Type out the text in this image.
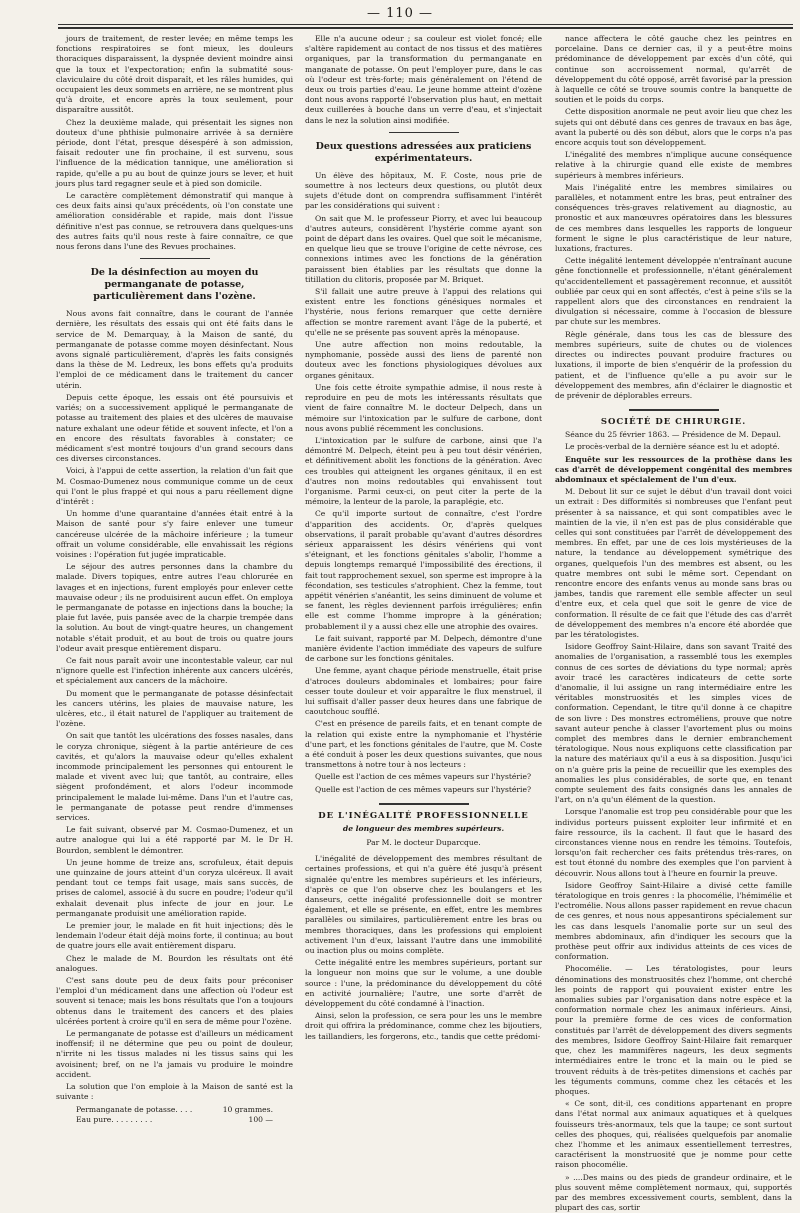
— 110 —

jours de traitement, de rester levée; en même temps les fonctions respiratoires se font mieux, les douleurs thoraciques disparaissent, la dyspnée devient moindre ainsi que la toux et l'expectoration; enfin la submatité sous-claviculaire du côté droit disparaît, et les râles humides, qui occupaient les deux sommets en arrière, ne se montrent plus qu'à droite, et encore après la toux seulement, pour disparaître aussitôt.

Chez la deuxième malade, qui présentait les signes non douteux d'une phthisie pulmonaire arrivée à sa dernière période, dont l'état, presque désespéré à son admission, faisait redouter une fin prochaine, il est survenu, sous l'influence de la médication tannique, une amélioration si rapide, qu'elle a pu au bout de quinze jours se lever, et huit jours plus tard regagner seule et à pied son domicile.

Le caractère complètement démonstratif qui manque à ces deux faits ainsi qu'aux précédents, où l'on constate une amélioration considérable et rapide, mais dont l'issue définitive n'est pas connue, se retrouvera dans quelques-uns des autres faits qu'il nous reste à faire connaître, ce que nous ferons dans l'une des Revues prochaines.

De la désinfection au moyen du permanganate de potasse, particulièrement dans l'ozène.

Nous avons fait connaître, dans le courant de l'année dernière, les résultats des essais qui ont été faits dans le service de M. Demarquay, à la Maison de santé, du permanganate de potasse comme moyen désinfectant. Nous avons signalé particulièrement, d'après les faits consignés dans la thèse de M. Ledreux, les bons effets qu'a produits l'emploi de ce médicament dans le traitement du cancer utérin.

Depuis cette époque, les essais ont été poursuivis et variés; on a successivement appliqué le permanganate de potasse au traitement des plaies et des ulcères de mauvaise nature exhalant une odeur fétide et souvent infecte, et l'on a en encore des résultats favorables à constater; ce médicament s'est montré toujours d'un grand secours dans ces diverses circonstances.

Voici, à l'appui de cette assertion, la relation d'un fait que M. Cosmao-Dumenez nous communique comme un de ceux qui l'ont le plus frappé et qui nous a paru réellement digne d'intérêt :

Un homme d'une quarantaine d'années était entré à la Maison de santé pour s'y faire enlever une tumeur cancéreuse ulcérée de la mâchoire inférieure ; la tumeur offrait un volume considérable, elle envahissait les régions voisines : l'opération fut jugée impraticable.

Le séjour des autres personnes dans la chambre du malade. Divers topiques, entre autres l'eau chlorurée en lavages et en injections, furent employés pour enlever cette mauvaise odeur ; ils ne produisirent aucun effet. On employa le permanganate de potasse en injections dans la bouche; la plaie fut lavée, puis pansée avec de la charpie trempée dans la solution. Au bout de vingt-quatre heures, un changement notable s'était produit, et au bout de trois ou quatre jours l'odeur avait presque entièrement disparu.

Ce fait nous paraît avoir une incontestable valeur, car nul n'ignore quelle est l'infection inhérente aux cancers ulcérés, et spécialement aux cancers de la mâchoire.

Du moment que le permanganate de potasse désinfectait les cancers utérins, les plaies de mauvaise nature, les ulcères, etc., il était naturel de l'appliquer au traitement de l'ozène.

On sait que tantôt les ulcérations des fosses nasales, dans le coryza chronique, siègent à la partie antérieure de ces cavités, et qu'alors la mauvaise odeur qu'elles exhalent incommode principalement les personnes qui entourent le malade et vivent avec lui; que tantôt, au contraire, elles siègent profondément, et alors l'odeur incommode principalement le malade lui-même. Dans l'un et l'autre cas, le permanganate de potasse peut rendre d'immenses services.

Le fait suivant, observé par M. Cosmao-Dumenez, et un autre analogue qui lui a été rapporté par M. le Dr H. Bourdon, semblent le démontrer.

Un jeune homme de treize ans, scrofuleux, était depuis une quinzaine de jours atteint d'un coryza ulcéreux. Il avait pendant tout ce temps fait usage, mais sans succès, de prises de calomel, associé à du sucre en poudre; l'odeur qu'il exhalait devenait plus infecte de jour en jour. Le permanganate produisit une amélioration rapide.

Le premier jour, le malade en fit huit injections; dès le lendemain l'odeur était déjà moins forte, il continua; au bout de quatre jours elle avait entièrement disparu.

Chez le malade de M. Bourdon les résultats ont été analogues.

C'est sans doute peu de deux faits pour préconiser l'emploi d'un médicament dans une affection où l'odeur est souvent si tenace; mais les bons résultats que l'on a toujours obtenus dans le traitement des cancers et des plaies ulcérées portent à croire qu'il en sera de même pour l'ozène.

Le permanganate de potasse est d'ailleurs un médicament inoffensif; il ne détermine que peu ou point de douleur, n'irrite ni les tissus malades ni les tissus sains qui les avoisinent; bref, on ne l'a jamais vu produire le moindre accident.

La solution que l'on emploie à la Maison de santé est la suivante :

Permanganate de potasse. . . .	10 grammes.
Eau pure. . . . . . . . .	100 —

Elle n'a aucune odeur ; sa couleur est violet foncé; elle s'altère rapidement au contact de nos tissus et des matières organiques, par la transformation du permanganate en manganate de potasse. On peut l'employer pure, dans le cas où l'odeur est très-forte; mais généralement on l'étend de deux ou trois parties d'eau. Le jeune homme atteint d'ozène dont nous avons rapporté l'observation plus haut, en mettait deux cuillerées à bouche dans un verre d'eau, et s'injectait dans le nez la solution ainsi modifiée.

Deux questions adressées aux praticiens expérimentateurs.

Un élève des hôpitaux, M. F. Coste, nous prie de soumettre à nos lecteurs deux questions, ou plutôt deux sujets d'étude dont on comprendra suffisamment l'intérêt par les considérations qui suivent :

On sait que M. le professeur Piorry, et avec lui beaucoup d'autres auteurs, considèrent l'hystérie comme ayant son point de départ dans les ovaires. Quel que soit le mécanisme, en quelque lieu que se trouve l'origine de cette névrose, ces connexions intimes avec les fonctions de la génération paraissent bien établies par les résultats que donne la titillation du clitoris, proposée par M. Briquet.

S'il fallait une autre preuve à l'appui des relations qui existent entre les fonctions génésiques normales et l'hystérie, nous ferions remarquer que cette dernière affection se montre rarement avant l'âge de la puberté, et qu'elle ne se présente pas souvent après la ménopause.

Une autre affection non moins redoutable, la nymphomanie, possède aussi des liens de parenté non douteux avec les fonctions physiologiques dévolues aux organes génitaux.

Une fois cette étroite sympathie admise, il nous reste à reproduire en peu de mots les intéressants résultats que vient de faire connaître M. le docteur Delpech, dans un mémoire sur l'intoxication par le sulfure de carbone, dont nous avons publié récemment les conclusions.

L'intoxication par le sulfure de carbone, ainsi que l'a démontré M. Delpech, éteint peu à peu tout désir vénérien, et définitivement abolit les fonctions de la génération. Avec ces troubles qui atteignent les organes génitaux, il en est d'autres non moins redoutables qui envahissent tout l'organisme. Parmi ceux-ci, on peut citer la perte de la mémoire, la lenteur de la parole, la paraplégie, etc.

Ce qu'il importe surtout de connaître, c'est l'ordre d'apparition des accidents. Or, d'après quelques observations, il paraît probable qu'avant d'autres désordres sérieux apparaissent les désirs vénériens qui vont s'éteignant, et les fonctions génitales s'abolir, l'homme a depuis longtemps remarqué l'impossibilité des érections, il fait tout rapprochement sexuel, son sperme est impropre à la fécondation, ses testicules s'atrophient. Chez la femme, tout appétit vénérien s'anéantit, les seins diminuent de volume et se fanent, les règles deviennent parfois irrégulières; enfin elle est comme l'homme impropre à la génération; probablement il y a aussi chez elle une atrophie des ovaires.

Le fait suivant, rapporté par M. Delpech, démontre d'une manière évidente l'action immédiate des vapeurs de sulfure de carbone sur les fonctions génitales.

Une femme, ayant chaque période menstruelle, était prise d'atroces douleurs abdominales et lombaires; pour faire cesser toute douleur et voir apparaître le flux menstruel, il lui suffisait d'aller passer deux heures dans une fabrique de caoutchouc soufflé.

C'est en présence de pareils faits, et en tenant compte de la relation qui existe entre la nymphomanie et l'hystérie d'une part, et les fonctions génitales de l'autre, que M. Coste a été conduit à poser les deux questions suivantes, que nous transmettons à notre tour à nos lecteurs :

Quelle est l'action de ces mêmes vapeurs sur l'hystérie?

Quelle est l'action de ces mêmes vapeurs sur l'hystérie?

DE L'INÉGALITÉ PROFESSIONNELLE
de longueur des membres supérieurs.
Par M. le docteur Duparcque.

L'inégalité de développement des membres résultant de certaines professions, et qui n'a guère été jusqu'à présent signalée qu'entre les membres supérieurs et les inférieurs, d'après ce que l'on observe chez les boulangers et les danseurs, cette inégalité professionnelle doit se montrer également, et elle se présente, en effet, entre les membres parallèles ou similaires, particulièrement entre les bras ou membres thoraciques, dans les professions qui emploient activement l'un d'eux, laissant l'autre dans une immobilité ou inaction plus ou moins complète.

Cette inégalité entre les membres supérieurs, portant sur la longueur non moins que sur le volume, a une double source : l'une, la prédominance du développement du côté en activité journalière; l'autre, une sorte d'arrêt de développement du côté condamné à l'inaction.

Ainsi, selon la profession, ce sera pour les uns le membre droit qui offrira la prédominance, comme chez les bijoutiers, les taillandiers, les forgerons, etc., tandis que cette prédomi-

nance affectera le côté gauche chez les peintres en porcelaine. Dans ce dernier cas, il y a peut-être moins prédominance de développement par excès d'un côté, qui continue son accroissement normal, qu'arrêt de développement du côté opposé, arrêt favorisé par la pression à laquelle ce côté se trouve soumis contre la banquette de soutien et le poids du corps.

Cette disposition anormale ne peut avoir lieu que chez les sujets qui ont débuté dans ces genres de travaux en bas âge, avant la puberté ou dès son début, alors que le corps n'a pas encore acquis tout son développement.

L'inégalité des membres n'implique aucune conséquence relative à la chirurgie quand elle existe de membres supérieurs à membres inférieurs.

Mais l'inégalité entre les membres similaires ou parallèles, et notamment entre les bras, peut entraîner des conséquences très-graves relativement au diagnostic, au pronostic et aux manœuvres opératoires dans les blessures de ces membres dans lesquelles les rapports de longueur forment le signe le plus caractéristique de leur nature, luxations, fractures.

Cette inégalité lentement développée n'entraînant aucune gêne fonctionnelle et professionnelle, n'étant généralement qu'accidentellement et passagèrement reconnue, et aussitôt oubliée par ceux qui en sont affectés, c'est à peine s'ils se la rappellent alors que des circonstances en rendraient la divulgation si nécessaire, comme à l'occasion de blessure par chute sur les membres.

Règle générale, dans tous les cas de blessure des membres supérieurs, suite de chutes ou de violences directes ou indirectes pouvant produire fractures ou luxations, il importe de bien s'enquérir de la profession du patient, et de l'influence qu'elle a pu avoir sur le développement des membres, afin d'éclairer le diagnostic et de prévenir de déplorables erreurs.

SOCIÉTÉ DE CHIRURGIE.

Séance du 25 février 1863. — Présidence de M. Depaul.

Le procès-verbal de la dernière séance est lu et adopté.

Enquête sur les ressources de la prothèse dans les cas d'arrêt de développement congénital des membres abdominaux et spécialement de l'un d'eux.

M. Debout lit sur ce sujet le début d'un travail dont voici un extrait : Des difformités si nombreuses que l'enfant peut présenter à sa naissance, et qui sont compatibles avec le maintien de la vie, il n'en est pas de plus considérable que celles qui sont constituées par l'arrêt de développement des membres. En effet, par une de ces lois mystérieuses de la nature, la tendance au développement symétrique des organes, quelquefois l'un des membres est absent, ou les quatre membres ont subi le même sort. Cependant on rencontre encore des enfants venus au monde sans bras ou jambes, tandis que rarement elle semble affecter un seul d'entre eux, et cela quel que soit le genre de vice de conformation. Il résulte de ce fait que l'étude des cas d'arrêt de développement des membres n'a encore été abordée que par les tératologistes.

Isidore Geoffroy Saint-Hilaire, dans son savant Traité des anomalies de l'organisation, a rassemblé tous les exemples connus de ces sortes de déviations du type normal; après avoir tracé les caractères indicateurs de cette sorte d'anomalie, il lui assigne un rang intermédiaire entre les véritables monstruosités et les simples vices de conformation. Cependant, le titre qu'il donne à ce chapitre de son livre : Des monstres ectroméliens, prouve que notre savant auteur penche à classer l'avortement plus ou moins complet des membres dans le dernier embranchement tératologique. Nous nous expliquons cette classification par la nature des matériaux qu'il a eus à sa disposition. Jusqu'ici on n'a guère pris la peine de recueillir que les exemples des anomalies les plus considérables, de sorte que, en tenant compte seulement des faits consignés dans les annales de l'art, on n'a qu'un élément de la question.

Lorsque l'anomalie est trop peu considérable pour que les individus porteurs puissent exploiter leur infirmité et en faire ressource, ils la cachent. Il faut que le hasard des circonstances vienne nous en rendre les témoins. Toutefois, lorsqu'on fait rechercher ces faits prétendus très-rares, on est tout étonné du nombre des exemples que l'on parvient à découvrir. Nous allons tout à l'heure en fournir la preuve.

Isidore Geoffroy Saint-Hilaire a divisé cette famille tératologique en trois genres : la phocomélie, l'hémimélie et l'ectromélie. Nous allons passer rapidement en revue chacun de ces genres, et nous nous appesantirons spécialement sur les cas dans lesquels l'anomalie porte sur un seul des membres abdominaux, afin d'indiquer les secours que la prothèse peut offrir aux individus atteints de ces vices de conformation.

Phocomélie. — Les tératologistes, pour leurs dénominations des monstruosités chez l'homme, ont cherché les points de rapport qui pouvaient exister entre les anomalies subies par l'organisation dans notre espèce et la conformation normale chez les animaux inférieurs. Ainsi, pour la première forme de ces vices de conformation constitués par l'arrêt de développement des divers segments des membres, Isidore Geoffroy Saint-Hilaire fait remarquer que, chez les mammifères nageurs, les deux segments intermédiaires entre le tronc et la main ou le pied se trouvent réduits à de très-petites dimensions et cachés par les téguments communs, comme chez les cétacés et les phoques.

« Ce sont, dit-il, ces conditions appartenant en propre dans l'état normal aux animaux aquatiques et à quelques fouisseurs très-anormaux, tels que la taupe; ce sont surtout celles des phoques, qui, réalisées quelquefois par anomalie chez l'homme et les animaux essentiellement terrestres, caractérisent la monstruosité que je nomme pour cette raison phocomélie.

» ....Des mains ou des pieds de grandeur ordinaire, et le plus souvent même complètement normaux, qui, supportés par des membres excessivement courts, semblent, dans la plupart des cas, sortir
